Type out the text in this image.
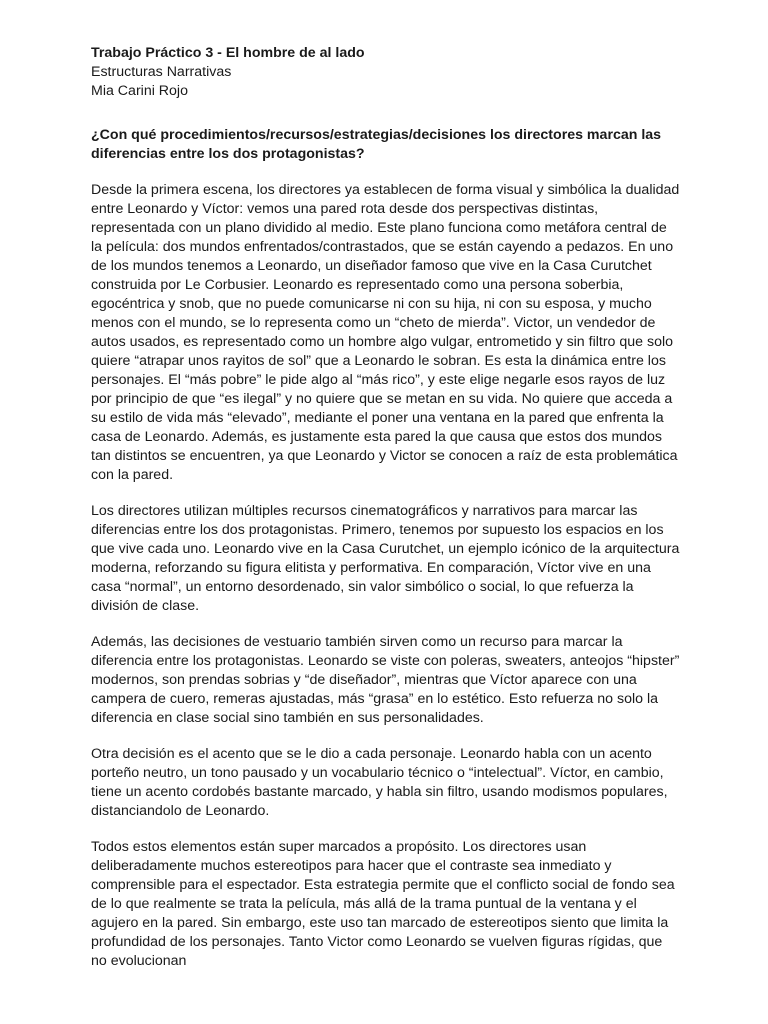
Trabajo Práctico 3 - El hombre de al lado

Estructuras Narrativas

Mia Carini Rojo

¿Con qué procedimientos/recursos/estrategias/decisiones los directores marcan las diferencias entre los dos protagonistas?

Desde la primera escena, los directores ya establecen de forma visual y simbólica la dualidad entre Leonardo y Víctor: vemos una pared rota desde dos perspectivas distintas, representada con un plano dividido al medio. Este plano funciona como metáfora central de la película: dos mundos enfrentados/contrastados, que se están cayendo a pedazos. En uno de los mundos tenemos a Leonardo, un diseñador famoso que vive en la Casa Curutchet construida por Le Corbusier. Leonardo es representado como una persona soberbia, egocéntrica y snob, que no puede comunicarse ni con su hija, ni con su esposa, y mucho menos con el mundo, se lo representa como un “cheto de mierda”. Victor, un vendedor de autos usados, es representado como un hombre algo vulgar, entrometido y sin filtro que solo quiere “atrapar unos rayitos de sol” que a Leonardo le sobran. Es esta la dinámica entre los personajes. El “más pobre” le pide algo al “más rico”, y este elige negarle esos rayos de luz por principio de que “es ilegal” y no quiere que se metan en su vida. No quiere que acceda a su estilo de vida más “elevado”, mediante el poner una ventana en la pared que enfrenta la casa de Leonardo. Además, es justamente esta pared la que causa que estos dos mundos tan distintos se encuentren, ya que Leonardo y Victor se conocen a raíz de esta problemática con la pared.

Los directores utilizan múltiples recursos cinematográficos y narrativos para marcar las diferencias entre los dos protagonistas. Primero, tenemos por supuesto los espacios en los que vive cada uno. Leonardo vive en la Casa Curutchet, un ejemplo icónico de la arquitectura moderna, reforzando su figura elitista y performativa. En comparación, Víctor vive en una casa “normal”, un entorno desordenado, sin valor simbólico o social, lo que refuerza la división de clase.

Además, las decisiones de vestuario también sirven como un recurso para marcar la diferencia entre los protagonistas. Leonardo se viste con poleras, sweaters, anteojos “hipster” modernos, son prendas sobrias y “de diseñador”, mientras que Víctor aparece con una campera de cuero, remeras ajustadas, más “grasa” en lo estético. Esto refuerza no solo la diferencia en clase social sino también en sus personalidades.

Otra decisión es el acento que se le dio a cada personaje. Leonardo habla con un acento porteño neutro, un tono pausado y un vocabulario técnico o “intelectual”. Víctor, en cambio, tiene un acento cordobés bastante marcado, y habla sin filtro, usando modismos populares, distanciandolo de Leonardo.

Todos estos elementos están super marcados a propósito. Los directores usan deliberadamente muchos estereotipos para hacer que el contraste sea inmediato y comprensible para el espectador. Esta estrategia permite que el conflicto social de fondo sea de lo que realmente se trata la película, más allá de la trama puntual de la ventana y el agujero en la pared. Sin embargo, este uso tan marcado de estereotipos siento que limita la profundidad de los personajes. Tanto Victor como Leonardo se vuelven figuras rígidas, que no evolucionan
